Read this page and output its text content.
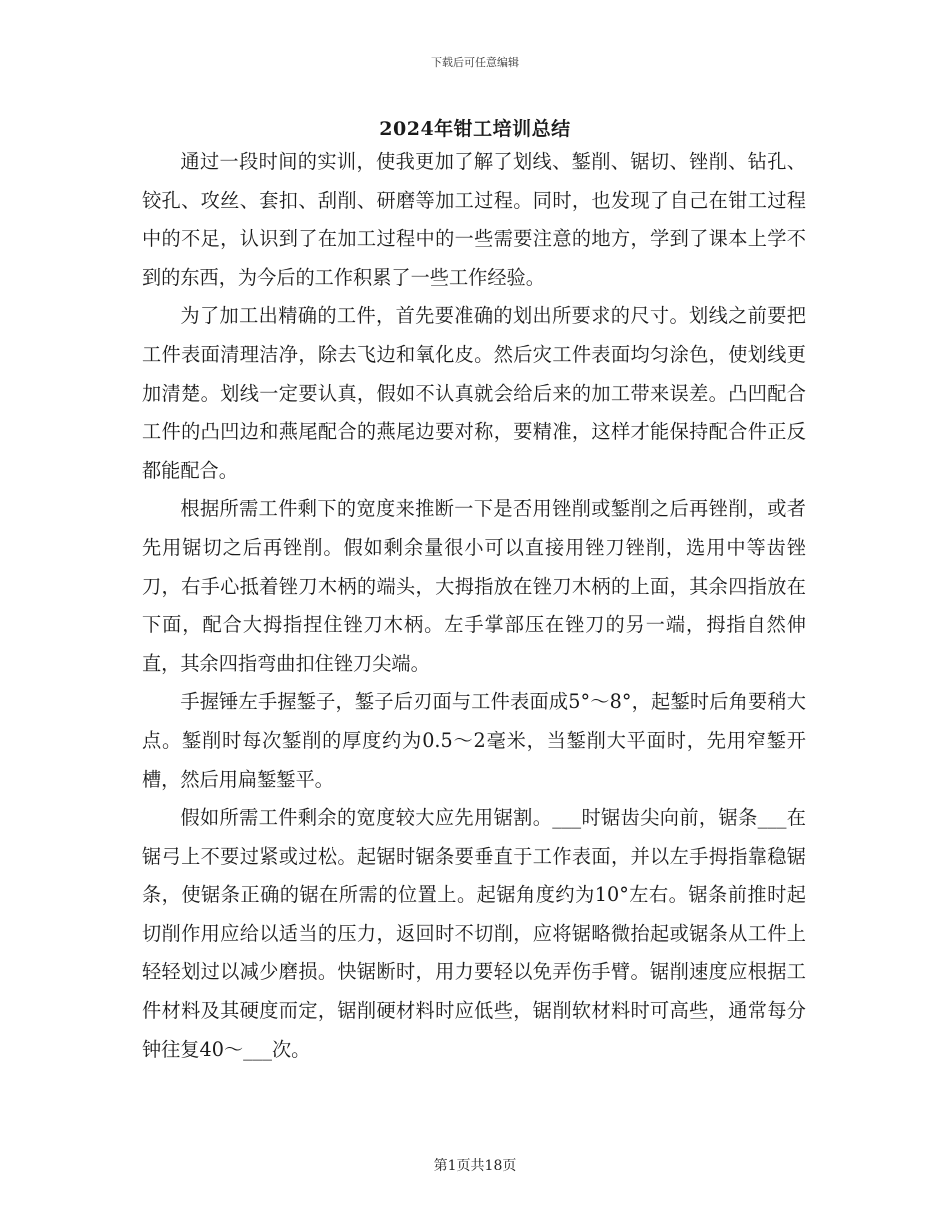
下载后可任意编辑
2024年钳工培训总结

通过一段时间的实训，使我更加了解了划线、錾削、锯切、锉削、钻孔、铰孔、攻丝、套扣、刮削、研磨等加工过程。同时，也发现了自己在钳工过程中的不足，认识到了在加工过程中的一些需要注意的地方，学到了课本上学不到的东西，为今后的工作积累了一些工作经验。

为了加工出精确的工件，首先要准确的划出所要求的尺寸。划线之前要把工件表面清理洁净，除去飞边和氧化皮。然后灾工件表面均匀涂色，使划线更加清楚。划线一定要认真，假如不认真就会给后来的加工带来误差。凸凹配合工件的凸凹边和燕尾配合的燕尾边要对称，要精准，这样才能保持配合件正反都能配合。

根据所需工件剩下的宽度来推断一下是否用锉削或錾削之后再锉削，或者先用锯切之后再锉削。假如剩余量很小可以直接用锉刀锉削，选用中等齿锉刀，右手心抵着锉刀木柄的端头，大拇指放在锉刀木柄的上面，其余四指放在下面，配合大拇指捏住锉刀木柄。左手掌部压在锉刀的另一端，拇指自然伸直，其余四指弯曲扣住锉刀尖端。

手握锤左手握錾子，錾子后刃面与工件表面成5°～8°，起錾时后角要稍大点。錾削时每次錾削的厚度约为0.5～2毫米，当錾削大平面时，先用窄錾开槽，然后用扁錾錾平。

假如所需工件剩余的宽度较大应先用锯割。___时锯齿尖向前，锯条___在锯弓上不要过紧或过松。起锯时锯条要垂直于工作表面，并以左手拇指靠稳锯条，使锯条正确的锯在所需的位置上。起锯角度约为10°左右。锯条前推时起切削作用应给以适当的压力，返回时不切削，应将锯略微抬起或锯条从工件上轻轻划过以减少磨损。快锯断时，用力要轻以免弄伤手臂。锯削速度应根据工件材料及其硬度而定，锯削硬材料时应低些，锯削软材料时可高些，通常每分钟往复40～___次。

第1页共18页
